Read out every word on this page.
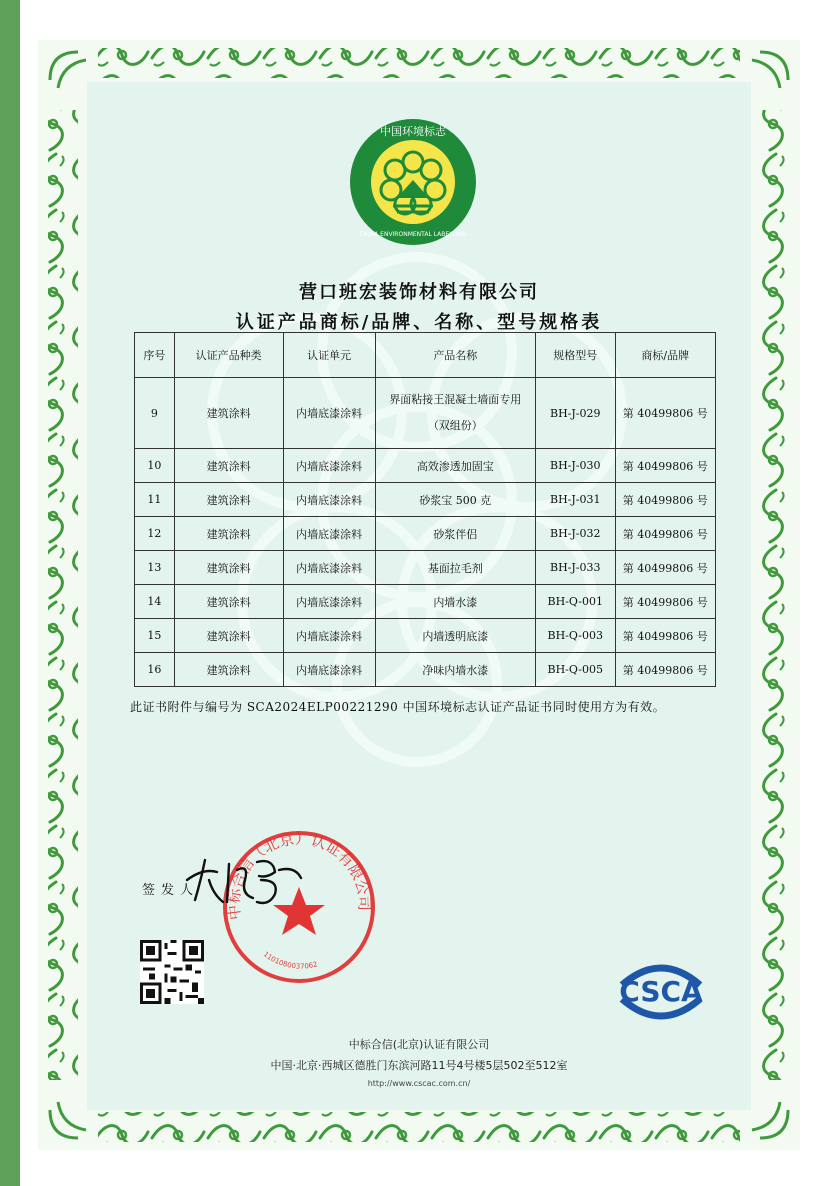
中国环境标志
CHINA ENVIRONMENTAL LABELLING
营口班宏装饰材料有限公司
认证产品商标/品牌、名称、型号规格表
序号	认证产品种类	认证单元	产品名称	规格型号	商标/品牌
9	建筑涂料	内墙底漆涂料	界面粘接王混凝土墙面专用
（双组份）	BH-J-029	第 40499806 号
10	建筑涂料	内墙底漆涂料	高效渗透加固宝	BH-J-030	第 40499806 号
11	建筑涂料	内墙底漆涂料	砂浆宝 500 克	BH-J-031	第 40499806 号
12	建筑涂料	内墙底漆涂料	砂浆伴侣	BH-J-032	第 40499806 号
13	建筑涂料	内墙底漆涂料	基面拉毛剂	BH-J-033	第 40499806 号
14	建筑涂料	内墙底漆涂料	内墙水漆	BH-Q-001	第 40499806 号
15	建筑涂料	内墙底漆涂料	内墙透明底漆	BH-Q-003	第 40499806 号
16	建筑涂料	内墙底漆涂料	净味内墙水漆	BH-Q-005	第 40499806 号
此证书附件与编号为 SCA2024ELP00221290 中国环境标志认证产品证书同时使用方为有效。
签发人
中标合信（北京）认证有限公司
1101080037062
CSCA
中标合信(北京)认证有限公司
中国·北京·西城区德胜门东滨河路11号4号楼5层502至512室
http://www.cscac.com.cn/
